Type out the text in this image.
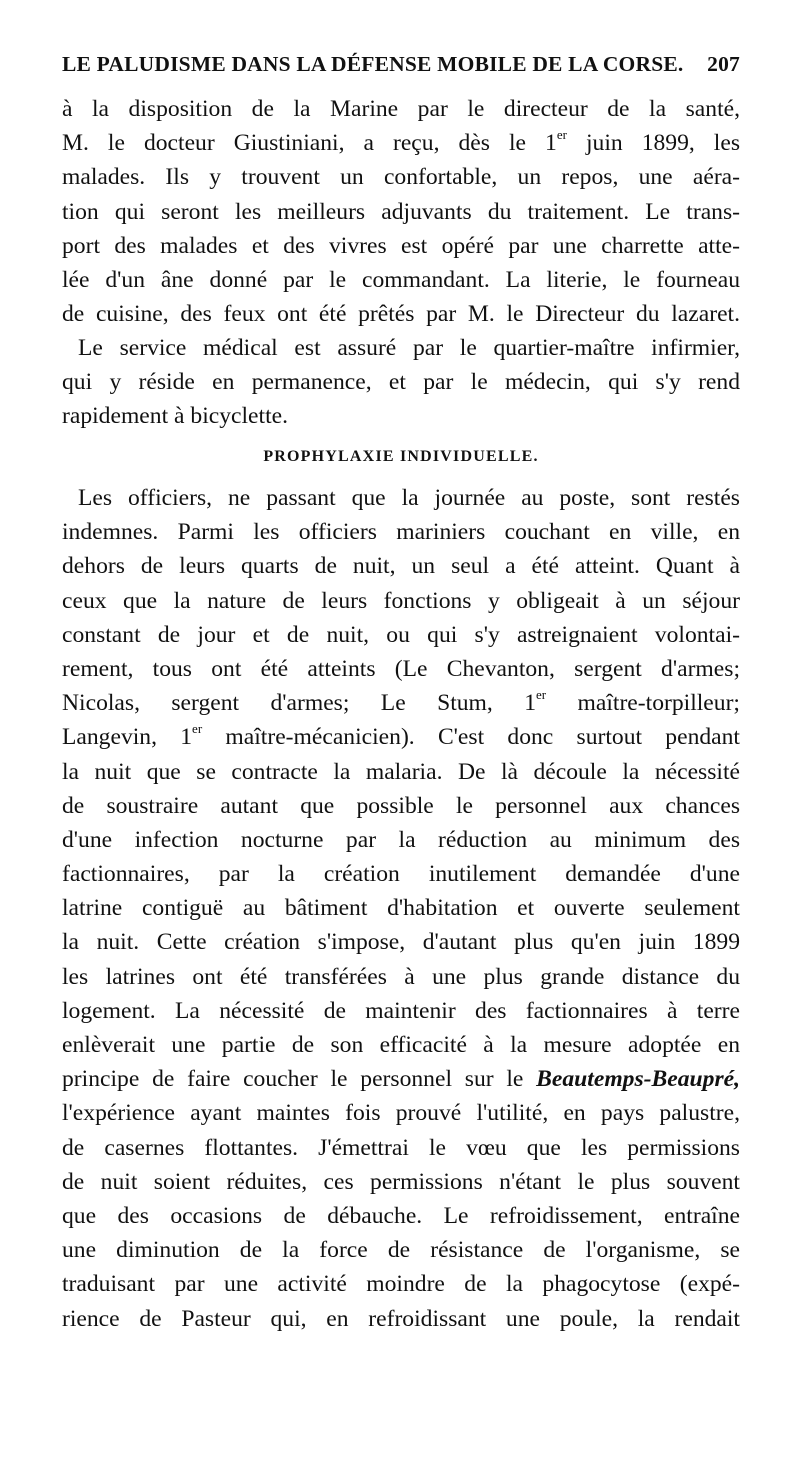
LE PALUDISME DANS LA DÉFENSE MOBILE DE LA CORSE. 207
à la disposition de la Marine par le directeur de la santé,
M. le docteur Giustiniani, a reçu, dès le 1er juin 1899, les
malades. Ils y trouvent un confortable, un repos, une aéra-
tion qui seront les meilleurs adjuvants du traitement. Le trans-
port des malades et des vivres est opéré par une charrette atte-
lée d'un âne donné par le commandant. La literie, le fourneau
de cuisine, des feux ont été prêtés par M. le Directeur du lazaret.
Le service médical est assuré par le quartier-maître infirmier,
qui y réside en permanence, et par le médecin, qui s'y rend
rapidement à bicyclette.
PROPHYLAXIE INDIVIDUELLE.
Les officiers, ne passant que la journée au poste, sont restés
indemnes. Parmi les officiers mariniers couchant en ville, en
dehors de leurs quarts de nuit, un seul a été atteint. Quant à
ceux que la nature de leurs fonctions y obligeait à un séjour
constant de jour et de nuit, ou qui s'y astreignaient volontai-
rement, tous ont été atteints (Le Chevanton, sergent d'armes;
Nicolas, sergent d'armes; Le Stum, 1er maître-torpilleur;
Langevin, 1er maître-mécanicien). C'est donc surtout pendant
la nuit que se contracte la malaria. De là découle la nécessité
de soustraire autant que possible le personnel aux chances
d'une infection nocturne par la réduction au minimum des
factionnaires, par la création inutilement demandée d'une
latrine contiguë au bâtiment d'habitation et ouverte seulement
la nuit. Cette création s'impose, d'autant plus qu'en juin 1899
les latrines ont été transférées à une plus grande distance du
logement. La nécessité de maintenir des factionnaires à terre
enlèverait une partie de son efficacité à la mesure adoptée en
principe de faire coucher le personnel sur le Beautemps-Beaupré,
l'expérience ayant maintes fois prouvé l'utilité, en pays palustre,
de casernes flottantes. J'émettrai le vœu que les permissions
de nuit soient réduites, ces permissions n'étant le plus souvent
que des occasions de débauche. Le refroidissement, entraîne
une diminution de la force de résistance de l'organisme, se
traduisant par une activité moindre de la phagocytose (expé-
rience de Pasteur qui, en refroidissant une poule, la rendait
